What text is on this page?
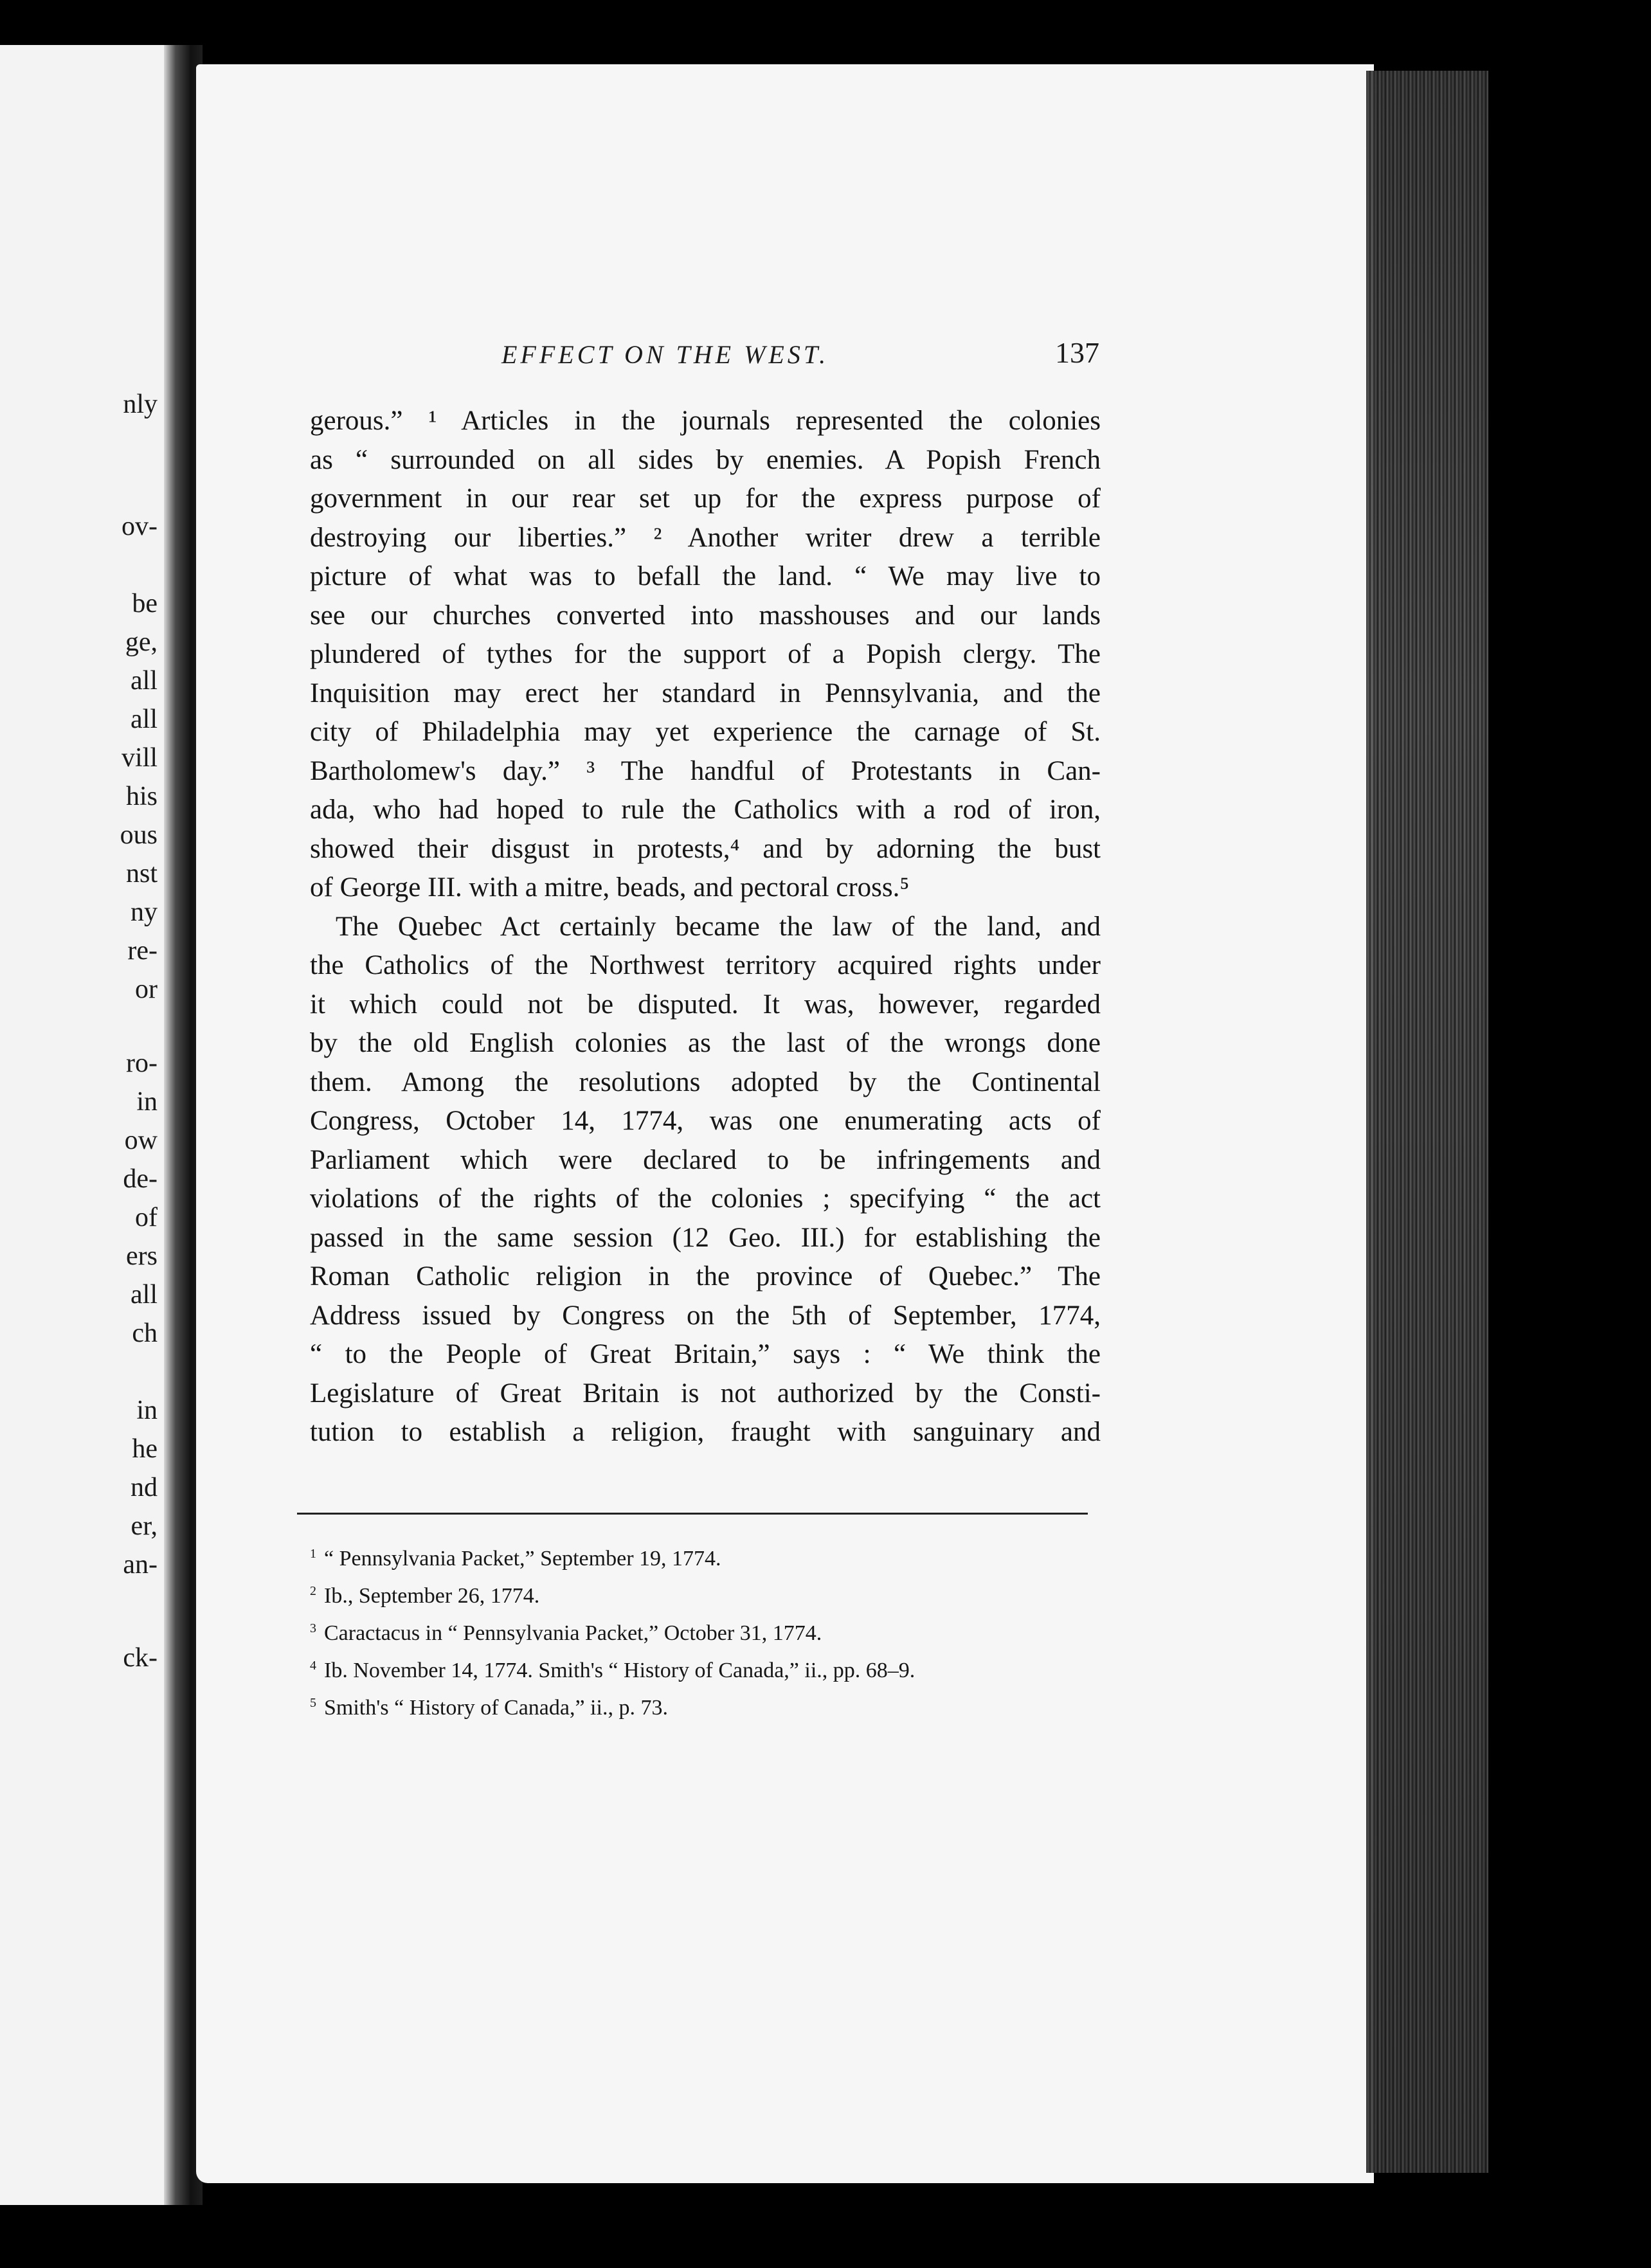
nly
ov-
be
ge,
all
all
vill
his
ous
nst
ny
re-
or
ro-
in
ow
de-
of
ers
all
ch
in
he
nd
er,
an-
ck-
EFFECT ON THE WEST.	137
gerous.” ¹ Articles in the journals represented the colonies
as “ surrounded on all sides by enemies. A Popish French
government in our rear set up for the express purpose of
destroying our liberties.” ² Another writer drew a terrible
picture of what was to befall the land. “ We may live to
see our churches converted into masshouses and our lands
plundered of tythes for the support of a Popish clergy. The
Inquisition may erect her standard in Pennsylvania, and the
city of Philadelphia may yet experience the carnage of St.
Bartholomew's day.” ³ The handful of Protestants in Can-
ada, who had hoped to rule the Catholics with a rod of iron,
showed their disgust in protests,⁴ and by adorning the bust
of George III. with a mitre, beads, and pectoral cross.⁵
The Quebec Act certainly became the law of the land, and
the Catholics of the Northwest territory acquired rights under
it which could not be disputed. It was, however, regarded
by the old English colonies as the last of the wrongs done
them. Among the resolutions adopted by the Continental
Congress, October 14, 1774, was one enumerating acts of
Parliament which were declared to be infringements and
violations of the rights of the colonies ; specifying “ the act
passed in the same session (12 Geo. III.) for establishing the
Roman Catholic religion in the province of Quebec.” The
Address issued by Congress on the 5th of September, 1774,
“ to the People of Great Britain,” says : “ We think the
Legislature of Great Britain is not authorized by the Consti-
tution to establish a religion, fraught with sanguinary and
$^1$ “ Pennsylvania Packet,” September 19, 1774.
$^2$ Ib., September 26, 1774.
$^3$ Caractacus in “ Pennsylvania Packet,” October 31, 1774.
$^4$ Ib. November 14, 1774. Smith's “ History of Canada,” ii., pp. 68–9.
$^5$ Smith's “ History of Canada,” ii., p. 73.
